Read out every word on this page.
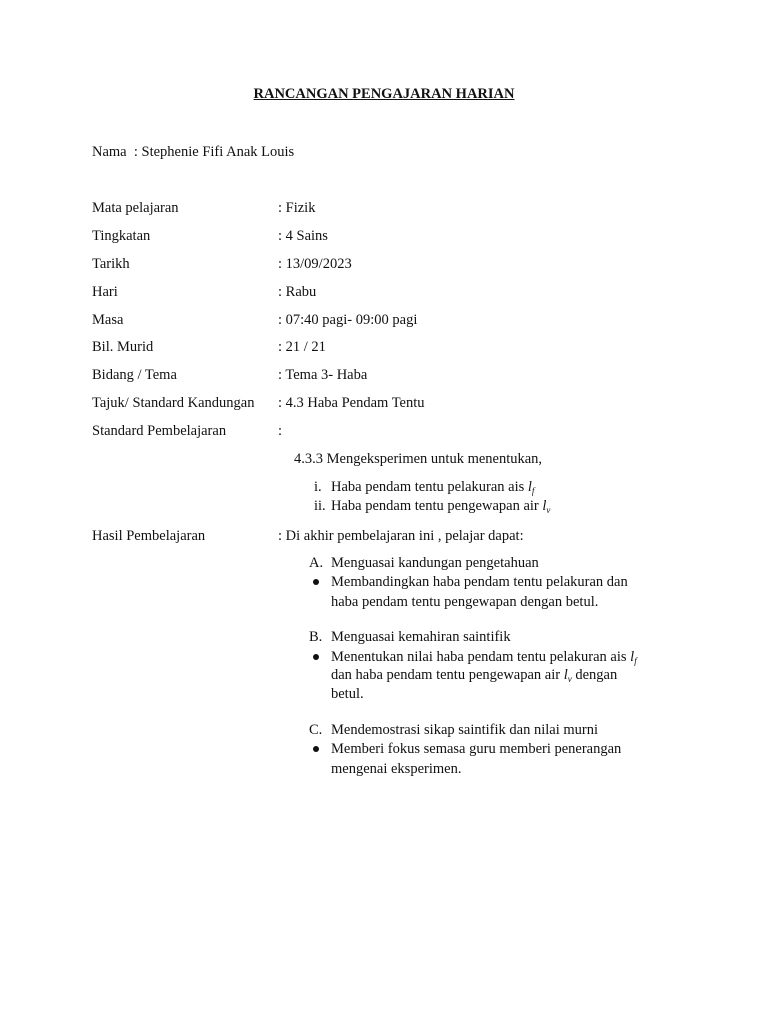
RANCANGAN PENGAJARAN HARIAN
Nama : Stephenie Fifi Anak Louis
Mata pelajaran	: Fizik
Tingkatan	: 4 Sains
Tarikh	: 13/09/2023
Hari	: Rabu
Masa	: 07:40 pagi- 09:00 pagi
Bil. Murid	: 21 / 21
Bidang / Tema	: Tema 3- Haba
Tajuk/ Standard Kandungan : 4.3 Haba Pendam Tentu
Standard Pembelajaran	:
4.3.3 Mengeksperimen untuk menentukan,
i. Haba pendam tentu pelakuran ais $l_f$
ii. Haba pendam tentu pengewapan air $l_v$
Hasil Pembelajaran	: Di akhir pembelajaran ini , pelajar dapat:
A. Menguasai kandungan pengetahuan
Membandingkan haba pendam tentu pelakuran dan
haba pendam tentu pengewapan dengan betul.
B. Menguasai kemahiran saintifik
Menentukan nilai haba pendam tentu pelakuran ais $l_f$
dan haba pendam tentu pengewapan air $l_v$ dengan
betul.
C. Mendemostrasi sikap saintifik dan nilai murni
Memberi fokus semasa guru memberi penerangan
mengenai eksperimen.
